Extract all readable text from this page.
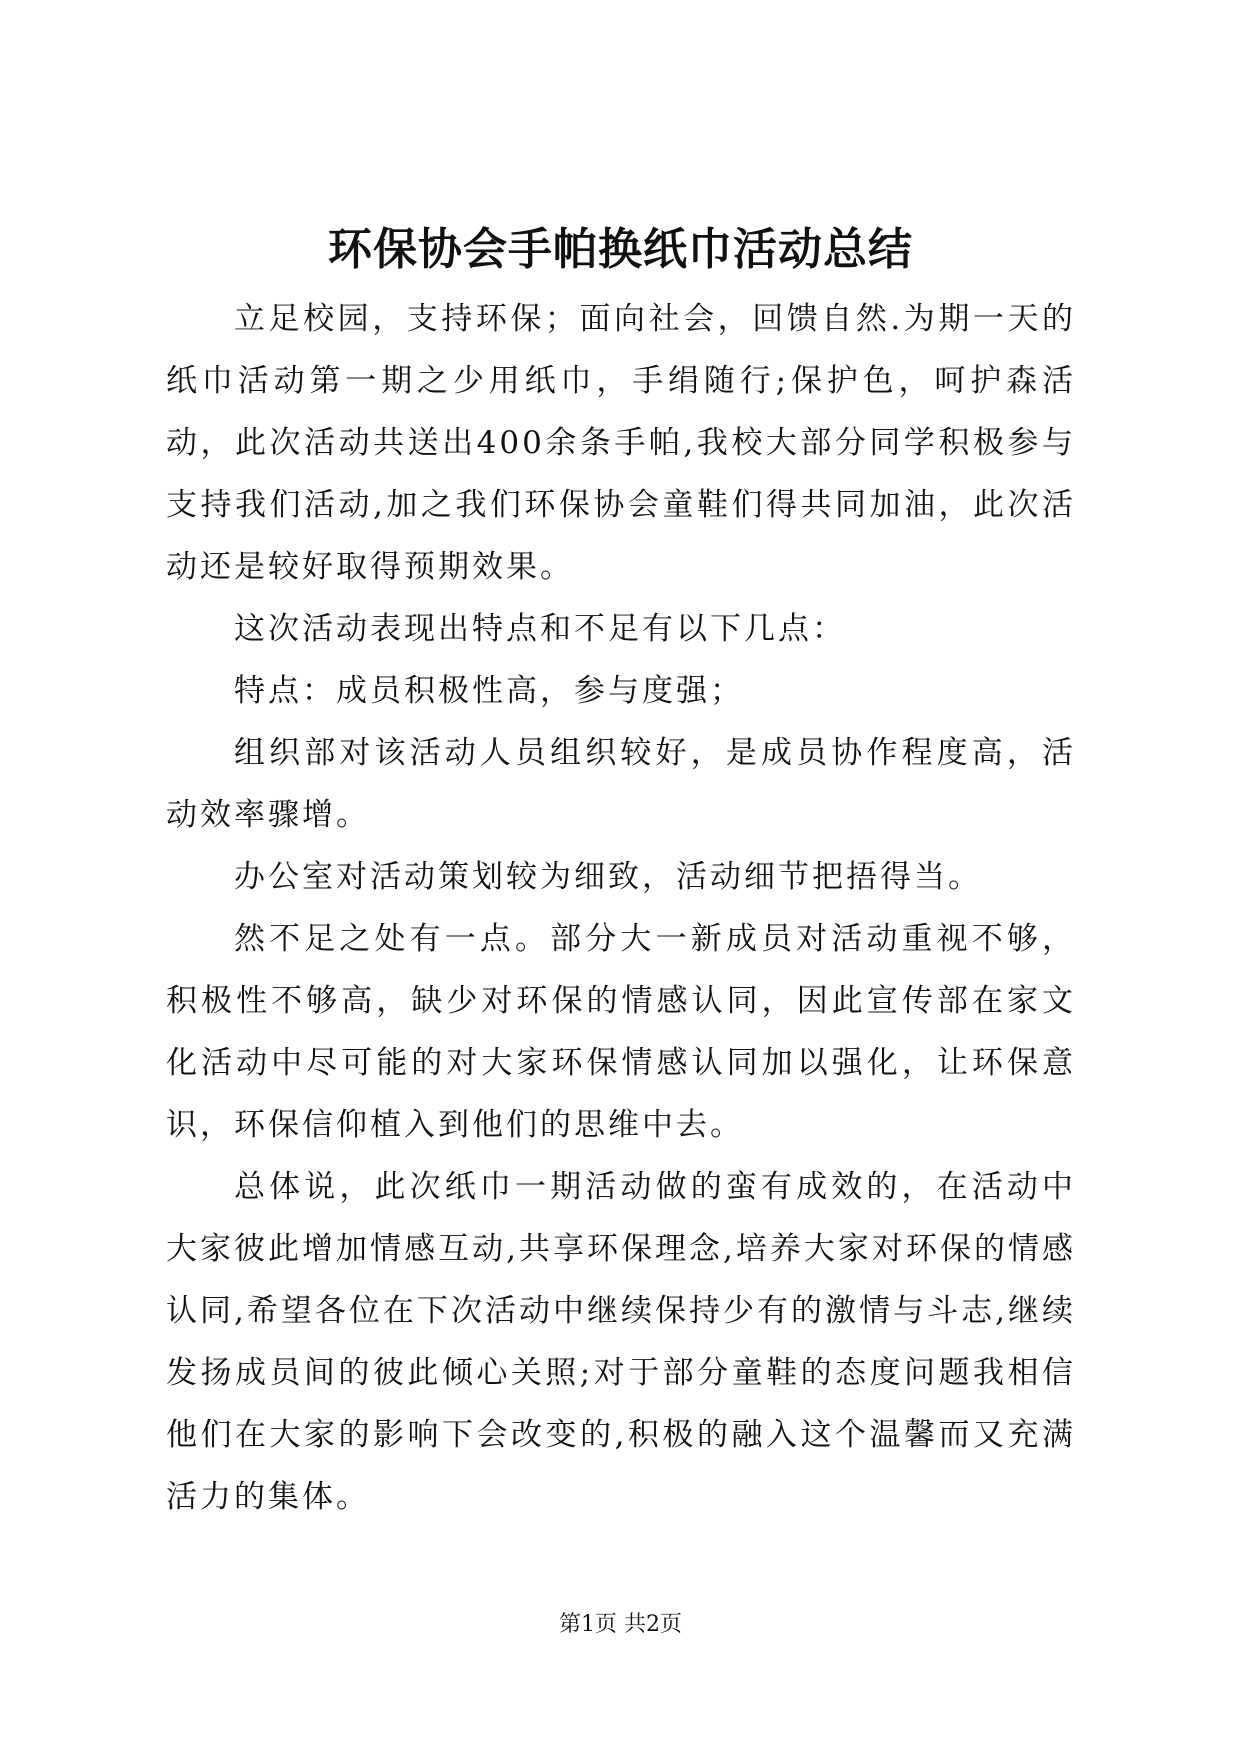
环保协会手帕换纸巾活动总结

立足校园，支持环保；面向社会，回馈自然.为期一天的纸巾活动第一期之少用纸巾，手绢随行;保护色，呵护森活动，此次活动共送出400余条手帕,我校大部分同学积极参与支持我们活动,加之我们环保协会童鞋们得共同加油，此次活动还是较好取得预期效果。

这次活动表现出特点和不足有以下几点：

特点：成员积极性高，参与度强；

组织部对该活动人员组织较好，是成员协作程度高，活动效率骤增。

办公室对活动策划较为细致，活动细节把捂得当。

然不足之处有一点。部分大一新成员对活动重视不够，积极性不够高，缺少对环保的情感认同，因此宣传部在家文化活动中尽可能的对大家环保情感认同加以强化，让环保意识，环保信仰植入到他们的思维中去。

总体说，此次纸巾一期活动做的蛮有成效的，在活动中大家彼此增加情感互动,共享环保理念,培养大家对环保的情感认同,希望各位在下次活动中继续保持少有的激情与斗志,继续发扬成员间的彼此倾心关照;对于部分童鞋的态度问题我相信他们在大家的影响下会改变的,积极的融入这个温馨而又充满活力的集体。

第1页 共2页
